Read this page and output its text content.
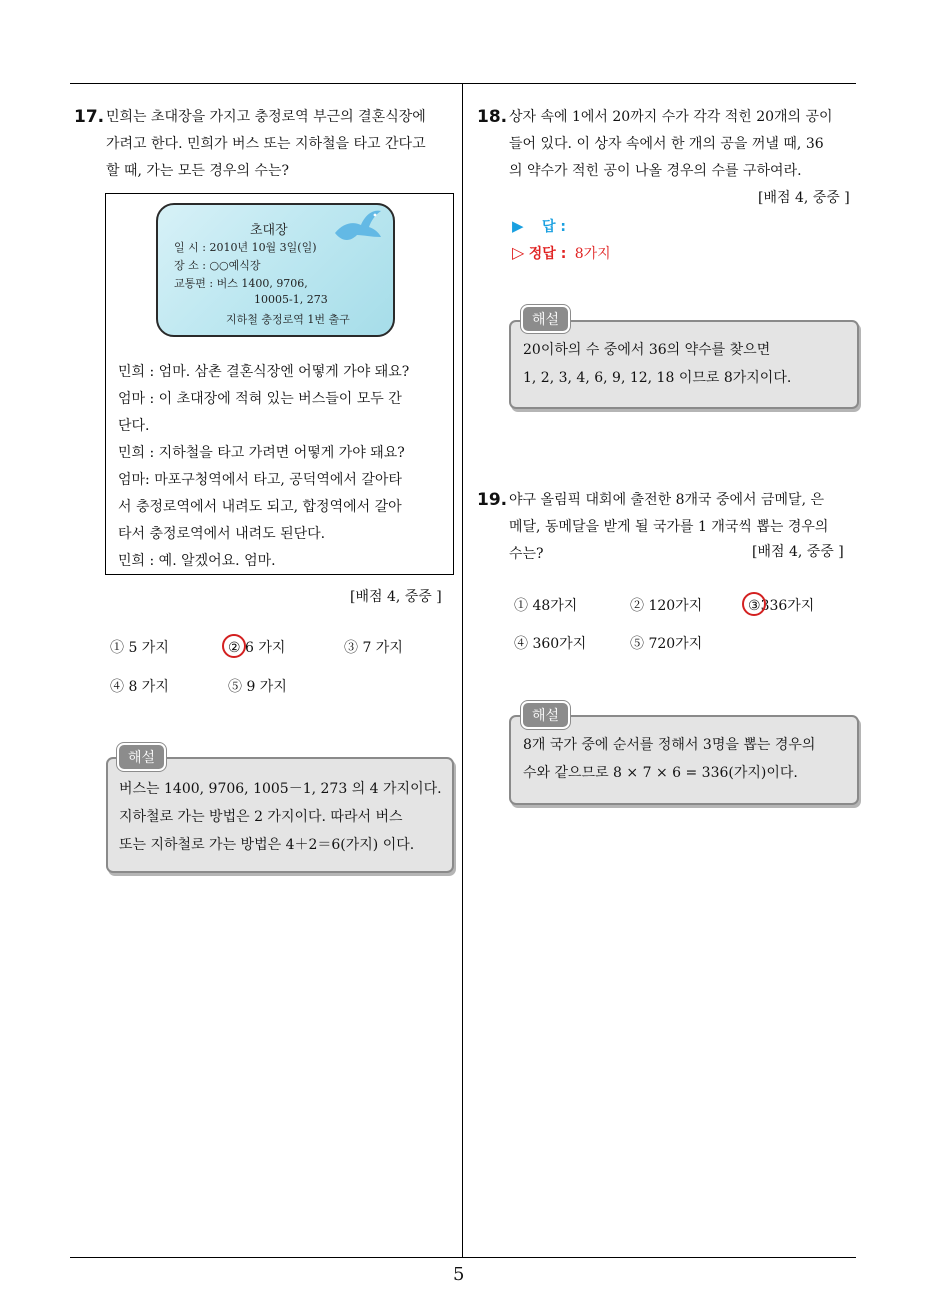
5
17. 민희는 초대장을 가지고 충정로역 부근의 결혼식장에
가려고 한다. 민희가 버스 또는 지하철을 타고 간다고
할 때, 가는 모든 경우의 수는?
초대장
일 시 : 2010년 10월 3일(일)
장 소 : ○○예식장
교통편 : 버스 1400, 9706,
10005-1, 273
지하철 충정로역 1번 출구
민희 : 엄마. 삼촌 결혼식장엔 어떻게 가야 돼요?
엄마 : 이 초대장에 적혀 있는 버스들이 모두 간
단다.
민희 : 지하철을 타고 가려면 어떻게 가야 돼요?
엄마: 마포구청역에서 타고, 공덕역에서 갈아타
서 충정로역에서 내려도 되고, 합정역에서 갈아
타서 충정로역에서 내려도 된단다.
민희 : 예. 알겠어요. 엄마.
[배점 4, 중중 ]
① 5 가지	② 6 가지	③ 7 가지
④ 8 가지	⑤ 9 가지
버스는 1400, 9706, 1005－1, 273 의 4 가지이다.
지하철로 가는 방법은 2 가지이다. 따라서 버스
또는 지하철로 가는 방법은 4＋2＝6(가지) 이다.
해설
18. 상자 속에 1에서 20까지 수가 각각 적힌 20개의 공이
들어 있다. 이 상자 속에서 한 개의 공을 꺼낼 때, 36
의 약수가 적힌 공이 나올 경우의 수를 구하여라.
[배점 4, 중중 ]
▶ 답 :
▷ 정답 : 8가지
20이하의 수 중에서 36의 약수를 찾으면
1, 2, 3, 4, 6, 9, 12, 18 이므로 8가지이다.
해설
19. 야구 올림픽 대회에 출전한 8개국 중에서 금메달, 은
메달, 동메달을 받게 될 국가를 1 개국씩 뽑는 경우의
수는?	[배점 4, 중중 ]
① 48가지	② 120가지	③336가지
④ 360가지	⑤ 720가지
8개 국가 중에 순서를 정해서 3명을 뽑는 경우의
수와 같으므로 8 × 7 × 6 = 336(가지)이다.
해설
